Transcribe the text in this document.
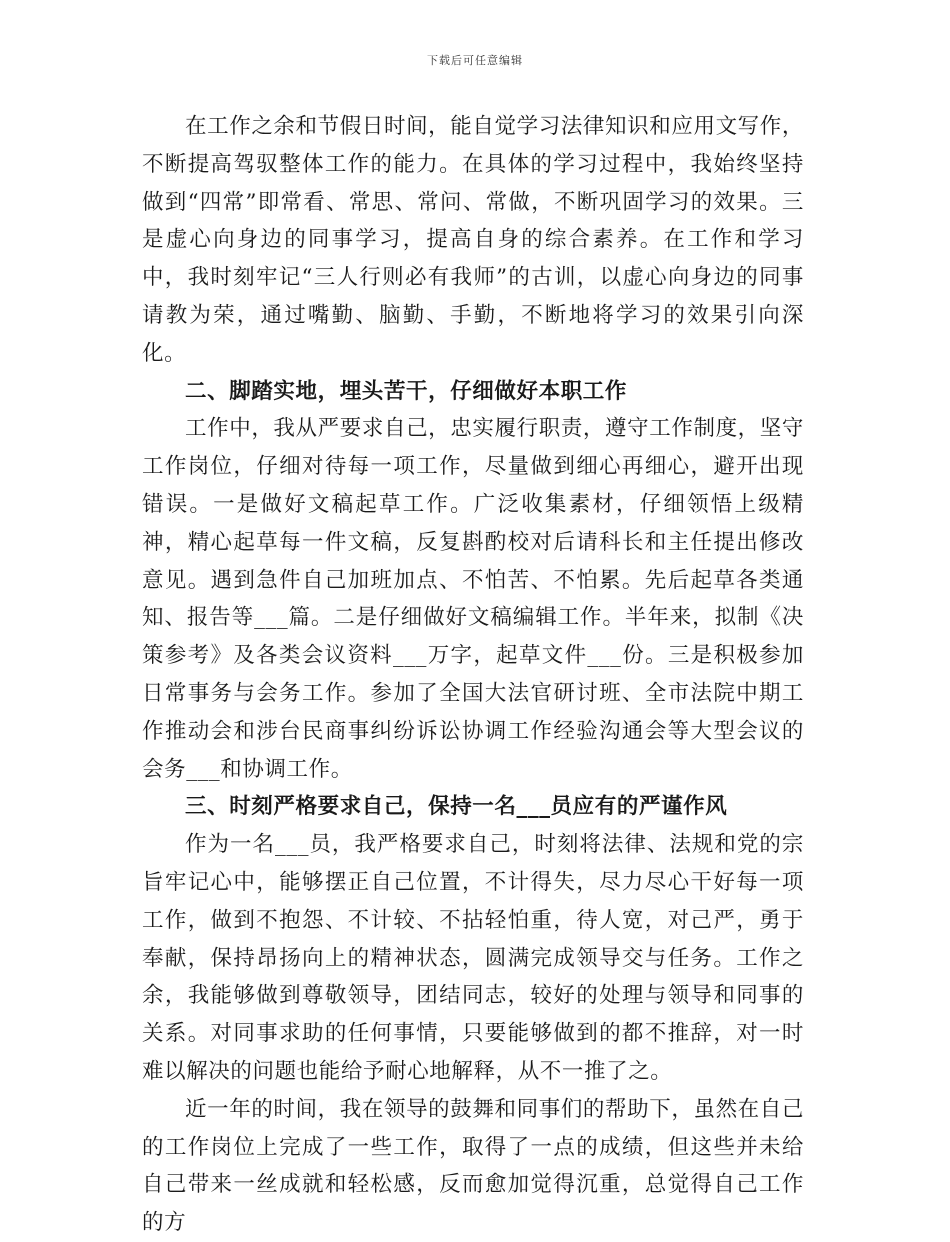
下载后可任意编辑

在工作之余和节假日时间，能自觉学习法律知识和应用文写作，不断提高驾驭整体工作的能力。在具体的学习过程中，我始终坚持做到“四常”即常看、常思、常问、常做，不断巩固学习的效果。三是虚心向身边的同事学习，提高自身的综合素养。在工作和学习中，我时刻牢记“三人行则必有我师”的古训，以虚心向身边的同事请教为荣，通过嘴勤、脑勤、手勤，不断地将学习的效果引向深化。

二、脚踏实地，埋头苦干，仔细做好本职工作

工作中，我从严要求自己，忠实履行职责，遵守工作制度，坚守工作岗位，仔细对待每一项工作，尽量做到细心再细心，避开出现错误。一是做好文稿起草工作。广泛收集素材，仔细领悟上级精神，精心起草每一件文稿，反复斟酌校对后请科长和主任提出修改意见。遇到急件自己加班加点、不怕苦、不怕累。先后起草各类通知、报告等___篇。二是仔细做好文稿编辑工作。半年来，拟制《决策参考》及各类会议资料___万字，起草文件___份。三是积极参加日常事务与会务工作。参加了全国大法官研讨班、全市法院中期工作推动会和涉台民商事纠纷诉讼协调工作经验沟通会等大型会议的会务___和协调工作。

三、时刻严格要求自己，保持一名___员应有的严谨作风

作为一名___员，我严格要求自己，时刻将法律、法规和党的宗旨牢记心中，能够摆正自己位置，不计得失，尽力尽心干好每一项工作，做到不抱怨、不计较、不拈轻怕重，待人宽，对己严，勇于奉献，保持昂扬向上的精神状态，圆满完成领导交与任务。工作之余，我能够做到尊敬领导，团结同志，较好的处理与领导和同事的关系。对同事求助的任何事情，只要能够做到的都不推辞，对一时难以解决的问题也能给予耐心地解释，从不一推了之。

近一年的时间，我在领导的鼓舞和同事们的帮助下，虽然在自己的工作岗位上完成了一些工作，取得了一点的成绩，但这些并未给自己带来一丝成就和轻松感，反而愈加觉得沉重，总觉得自己工作的方
